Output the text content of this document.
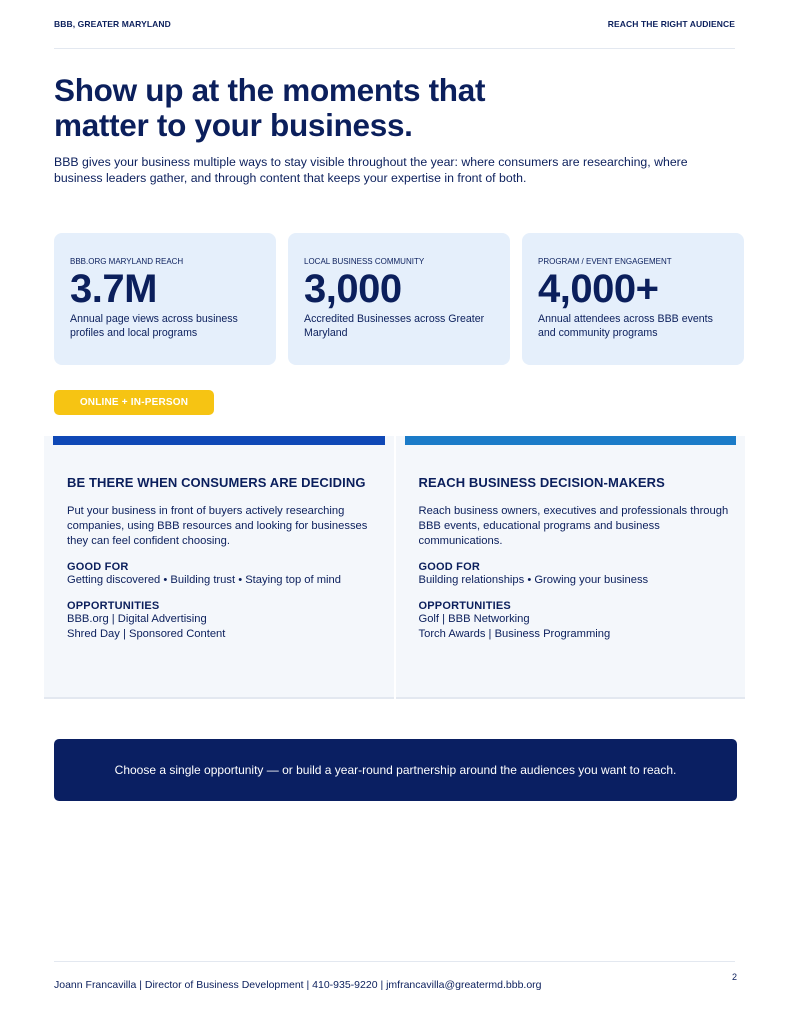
BBB, GREATER MARYLAND	REACH THE RIGHT AUDIENCE
Show up at the moments that
matter to your business.

BBB gives your business multiple ways to stay visible throughout the year: where consumers are researching, where business leaders gather, and through content that keeps your expertise in front of both.

BBB.ORG MARYLAND REACH
3.7M
Annual page views across business profiles and local programs
LOCAL BUSINESS COMMUNITY
3,000
Accredited Businesses across Greater Maryland
PROGRAM / EVENT ENGAGEMENT
4,000+
Annual attendees across BBB events and community programs
ONLINE + IN-PERSON
BE THERE WHEN CONSUMERS ARE DECIDING
Put your business in front of buyers actively researching companies, using BBB resources and looking for businesses they can feel confident choosing.
GOOD FOR
Getting discovered • Building trust • Staying top of mind
OPPORTUNITIES
BBB.org | Digital Advertising
Shred Day | Sponsored Content
REACH BUSINESS DECISION-MAKERS
Reach business owners, executives and professionals through BBB events, educational programs and business communications.
GOOD FOR
Building relationships • Growing your business
OPPORTUNITIES
Golf | BBB Networking
Torch Awards | Business Programming
Choose a single opportunity — or build a year-round partnership around the audiences you want to reach.
2
Joann Francavilla | Director of Business Development | 410-935-9220 | jmfrancavilla@greatermd.bbb.org
